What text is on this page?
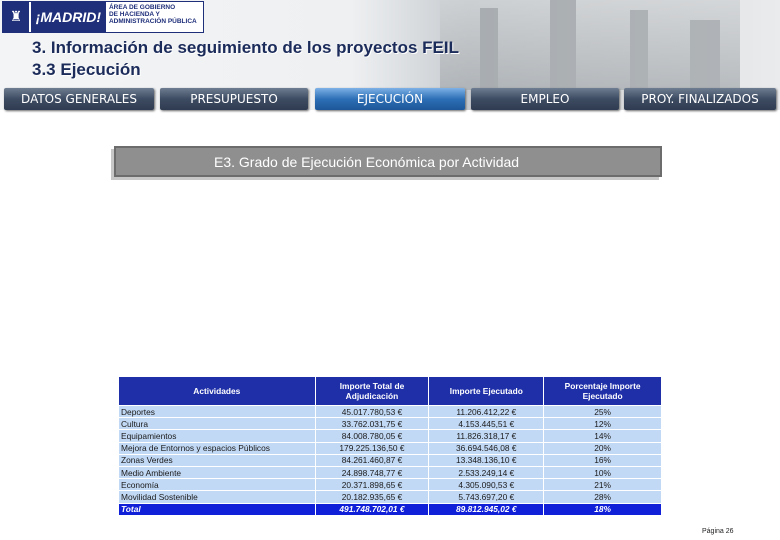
♜ ¡MADRID!
ÁREA DE GOBIERNO
DE HACIENDA Y
ADMINISTRACIÓN PÚBLICA
3. Información de seguimiento de los proyectos FEIL
3.3 Ejecución
DATOS GENERALES	PRESUPUESTO	EJECUCIÓN	EMPLEO	PROY. FINALIZADOS
E3. Grado de Ejecución Económica por Actividad
Actividades	Importe Total de Adjudicación	Importe Ejecutado	Porcentaje Importe Ejecutado
Deportes	45.017.780,53 €	11.206.412,22 €	25%
Cultura	33.762.031,75 €	4.153.445,51 €	12%
Equipamientos	84.008.780,05 €	11.826.318,17 €	14%
Mejora de Entornos y espacios Públicos	179.225.136,50 €	36.694.546,08 €	20%
Zonas Verdes	84.261.460,87 €	13.348.136,10 €	16%
Medio Ambiente	24.898.748,77 €	2.533.249,14 €	10%
Economía	20.371.898,65 €	4.305.090,53 €	21%
Movilidad Sostenible	20.182.935,65 €	5.743.697,20 €	28%
Total	491.748.702,01 €	89.812.945,02 €	18%
Página 26
